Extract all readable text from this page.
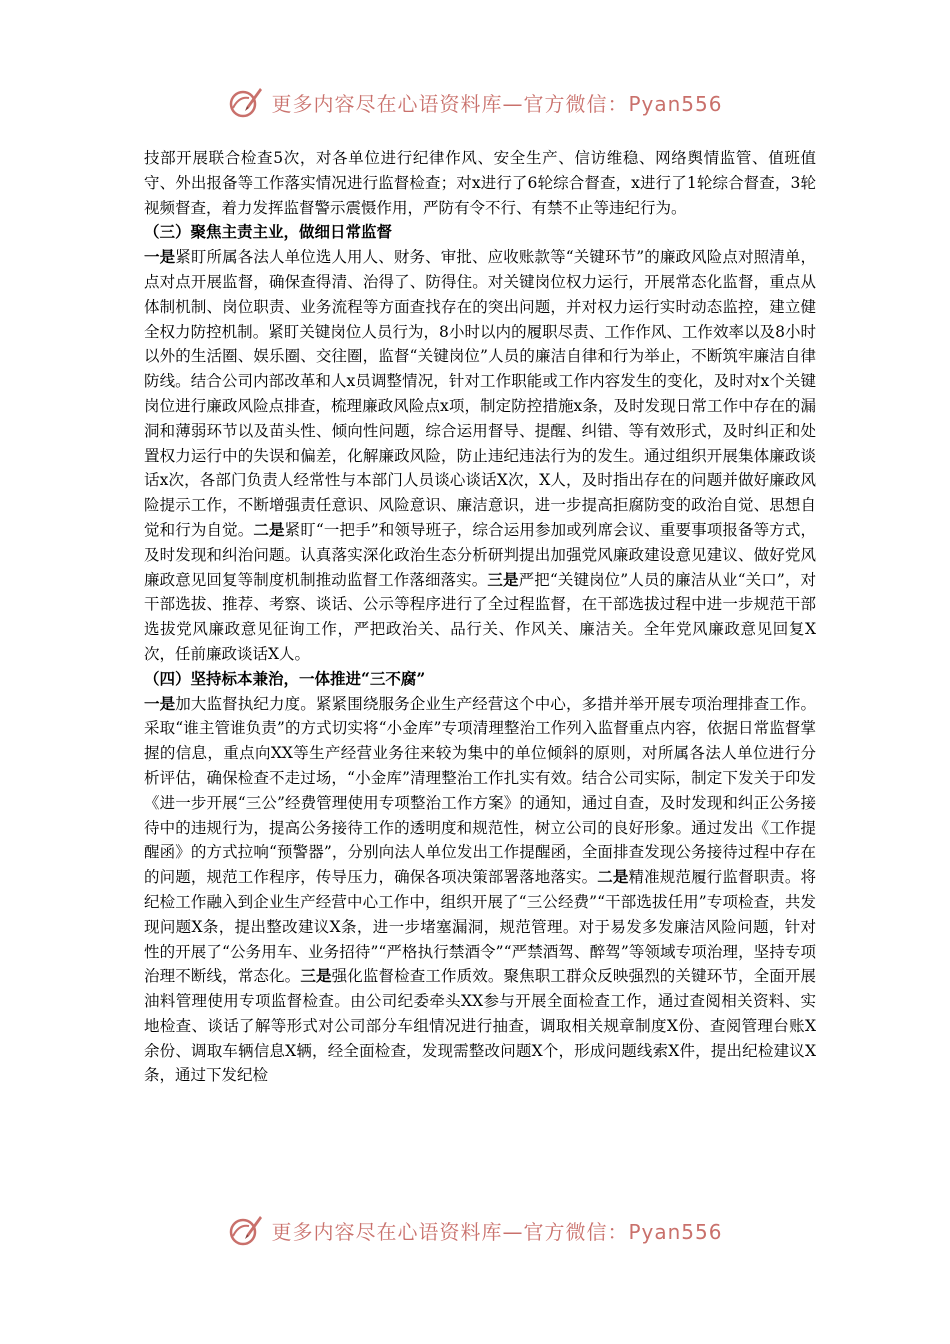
更多内容尽在心语资料库—官方微信：Pyan556

技部开展联合检查5次，对各单位进行纪律作风、安全生产、信访维稳、网络舆情监管、值班值守、外出报备等工作落实情况进行监督检查；对x进行了6轮综合督查，x进行了1轮综合督查，3轮视频督查，着力发挥监督警示震慑作用，严防有令不行、有禁不止等违纪行为。

（三）聚焦主责主业，做细日常监督

一是紧盯所属各法人单位选人用人、财务、审批、应收账款等“关键环节”的廉政风险点对照清单，点对点开展监督，确保查得清、治得了、防得住。对关键岗位权力运行，开展常态化监督，重点从体制机制、岗位职责、业务流程等方面查找存在的突出问题，并对权力运行实时动态监控，建立健全权力防控机制。紧盯关键岗位人员行为，8小时以内的履职尽责、工作作风、工作效率以及8小时以外的生活圈、娱乐圈、交往圈，监督“关键岗位”人员的廉洁自律和行为举止，不断筑牢廉洁自律防线。结合公司内部改革和人x员调整情况，针对工作职能或工作内容发生的变化，及时对x个关键岗位进行廉政风险点排查，梳理廉政风险点x项，制定防控措施x条，及时发现日常工作中存在的漏洞和薄弱环节以及苗头性、倾向性问题，综合运用督导、提醒、纠错、等有效形式，及时纠正和处置权力运行中的失误和偏差，化解廉政风险，防止违纪违法行为的发生。通过组织开展集体廉政谈话x次，各部门负责人经常性与本部门人员谈心谈话X次，X人，及时指出存在的问题并做好廉政风险提示工作，不断增强责任意识、风险意识、廉洁意识，进一步提高拒腐防变的政治自觉、思想自觉和行为自觉。二是紧盯“一把手”和领导班子，综合运用参加或列席会议、重要事项报备等方式，及时发现和纠治问题。认真落实深化政治生态分析研判提出加强党风廉政建设意见建议、做好党风廉政意见回复等制度机制推动监督工作落细落实。三是严把“关键岗位”人员的廉洁从业“关口”，对干部选拔、推荐、考察、谈话、公示等程序进行了全过程监督，在干部选拔过程中进一步规范干部选拔党风廉政意见征询工作，严把政治关、品行关、作风关、廉洁关。全年党风廉政意见回复X次，任前廉政谈话X人。

（四）坚持标本兼治，一体推进“三不腐”

一是加大监督执纪力度。紧紧围绕服务企业生产经营这个中心，多措并举开展专项治理排查工作。采取“谁主管谁负责”的方式切实将“小金库”专项清理整治工作列入监督重点内容，依据日常监督掌握的信息，重点向XX等生产经营业务往来较为集中的单位倾斜的原则，对所属各法人单位进行分析评估，确保检查不走过场，“小金库”清理整治工作扎实有效。结合公司实际，制定下发关于印发《进一步开展“三公”经费管理使用专项整治工作方案》的通知，通过自查，及时发现和纠正公务接待中的违规行为，提高公务接待工作的透明度和规范性，树立公司的良好形象。通过发出《工作提醒函》的方式拉响“预警器”，分别向法人单位发出工作提醒函，全面排查发现公务接待过程中存在的问题，规范工作程序，传导压力，确保各项决策部署落地落实。二是精准规范履行监督职责。将纪检工作融入到企业生产经营中心工作中，组织开展了“三公经费”“干部选拔任用”专项检查，共发现问题X条，提出整改建议X条，进一步堵塞漏洞，规范管理。对于易发多发廉洁风险问题，针对性的开展了“公务用车、业务招待”“严格执行禁酒令”“严禁酒驾、醉驾”等领域专项治理，坚持专项治理不断线，常态化。三是强化监督检查工作质效。聚焦职工群众反映强烈的关键环节，全面开展油料管理使用专项监督检查。由公司纪委牵头XX参与开展全面检查工作，通过查阅相关资料、实地检查、谈话了解等形式对公司部分车组情况进行抽查，调取相关规章制度X份、查阅管理台账X余份、调取车辆信息X辆，经全面检查，发现需整改问题X个，形成问题线索X件，提出纪检建议X条，通过下发纪检

更多内容尽在心语资料库—官方微信：Pyan556
